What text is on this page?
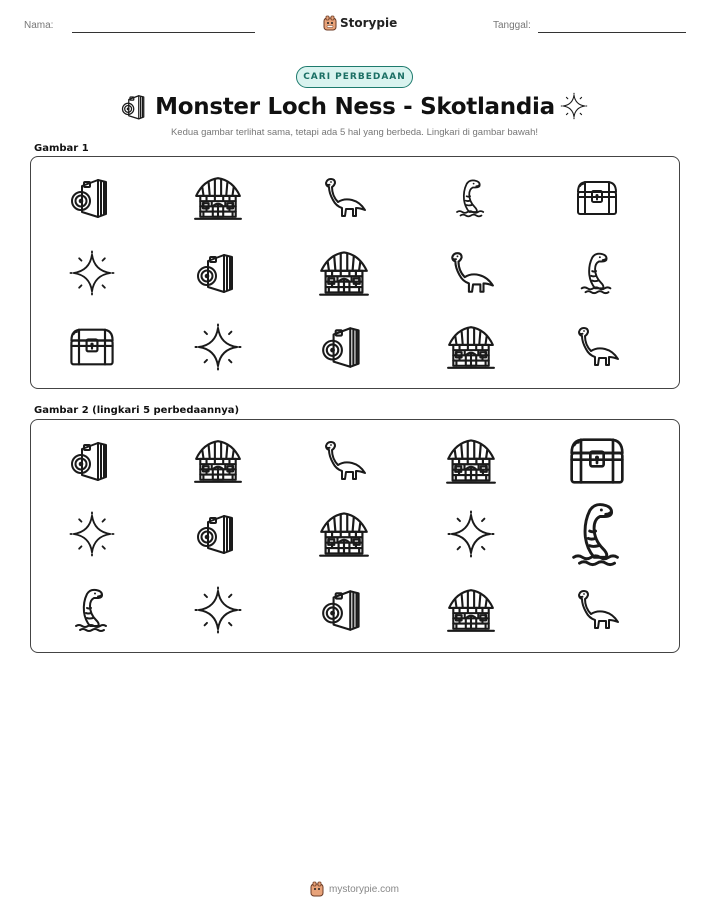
Nama:	Storypie	Tanggal:
CARI PERBEDAAN
Monster Loch Ness - Skotlandia
Kedua gambar terlihat sama, tetapi ada 5 hal yang berbeda. Lingkari di gambar bawah!
Gambar 1
Gambar 2 (lingkari 5 perbedaannya)
mystorypie.com
